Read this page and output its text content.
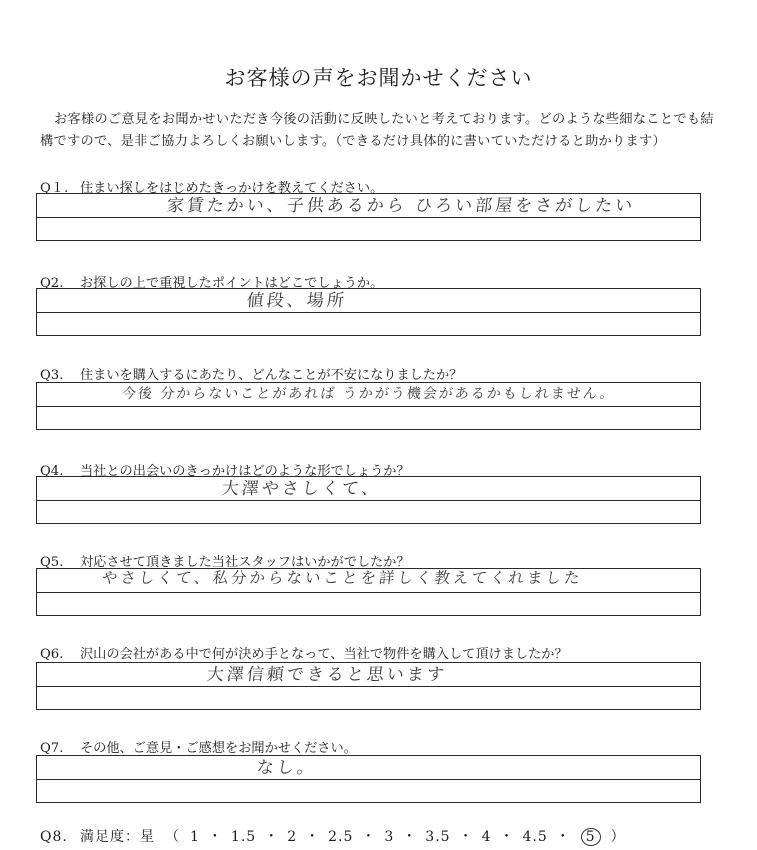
お客様の声をお聞かせください
お客様のご意見をお聞かせいただき今後の活動に反映したいと考えております。どのような些細なことでも結
構ですので、是非ご協力よろしくお願いします。（できるだけ具体的に書いていただけると助かります）
Q１. 住まい探しをはじめたきっかけを教えてください。
家賃たかい、子供あるから ひろい部屋をさがしたい
Q2. お探しの上で重視したポイントはどこでしょうか。
値段、場所
Q3. 住まいを購入するにあたり、どんなことが不安になりましたか？
今後 分からないことがあれば うかがう機会があるかもしれません。
Q4. 当社との出会いのきっかけはどのような形でしょうか？
大澤やさしくて、
Q5. 対応させて頂きました当社スタッフはいかがでしたか？
やさしくて、私分からないことを詳しく教えてくれました
Q6. 沢山の会社がある中で何が決め手となって、当社で物件を購入して頂けましたか？
大澤信頼できると思います
Q7. その他、ご意見・ご感想をお聞かせください。
なし。
Q8. 満足度：星 （ 1 ・ 1.5 ・ 2 ・ 2.5 ・ 3 ・ 3.5 ・ 4 ・ 4.5 ・ 5 ）
